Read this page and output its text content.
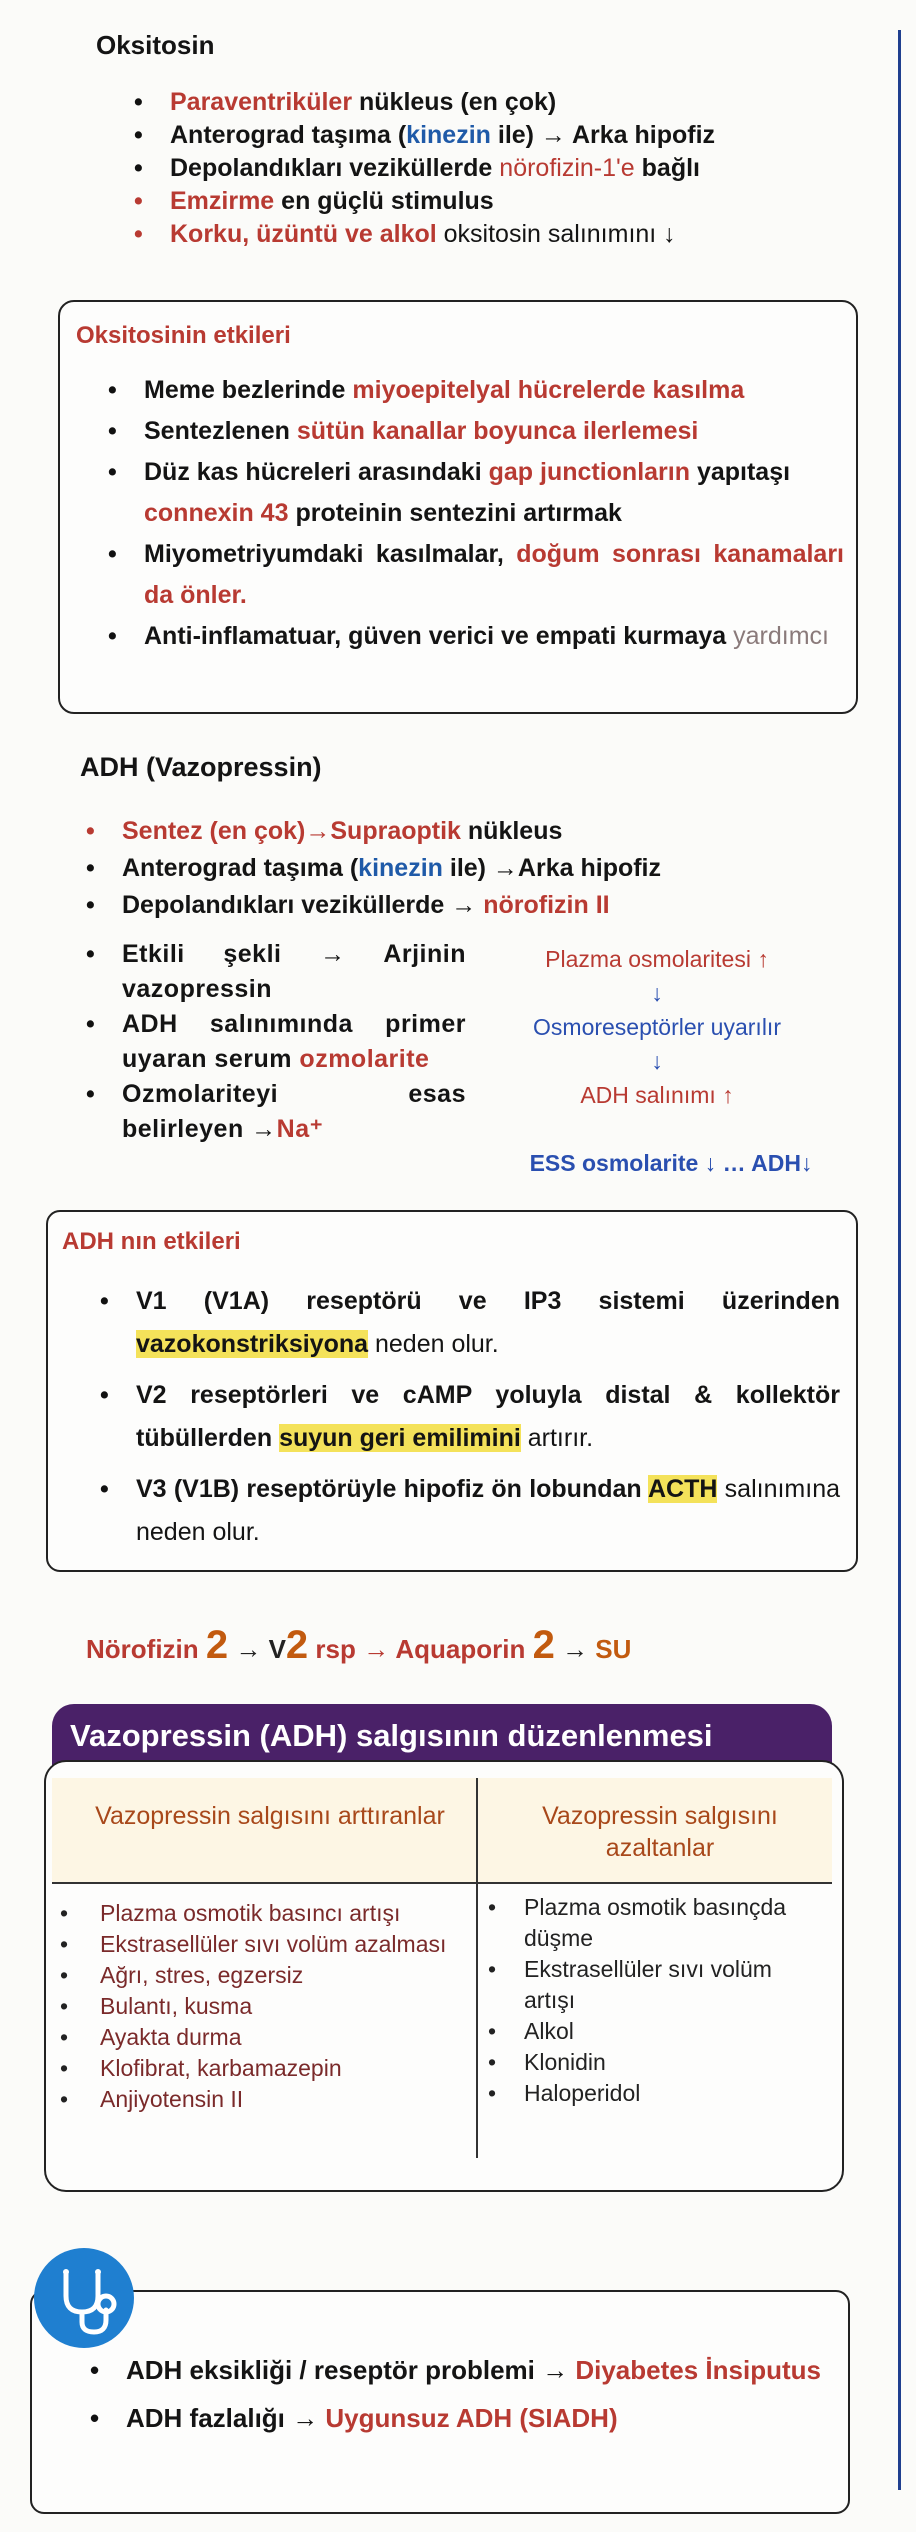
Oksitosin
• Paraventriküler nükleus (en çok)
• Anterograd taşıma (kinezin ile) → Arka hipofiz
• Depolandıkları veziküllerde nörofizin-1'e bağlı
• Emzirme en güçlü stimulus
• Korku, üzüntü ve alkol oksitosin salınımını ↓
Oksitosinin etkileri
• Meme bezlerinde miyoepitelyal hücrelerde kasılma
• Sentezlenen sütün kanallar boyunca ilerlemesi
• Düz kas hücreleri arasındaki gap junctionların yapıtaşı
connexin 43 proteinin sentezini artırmak
• Miyometriyumdaki kasılmalar, doğum sonrası kanamaları da önler.
• Anti-inflamatuar, güven verici ve empati kurmaya yardımcı
ADH (Vazopressin)
• Sentez (en çok)→Supraoptik nükleus
• Anterograd taşıma (kinezin ile) →Arka hipofiz
• Depolandıkları veziküllerde → nörofizin II
• Etkili şekli → Arjinin vazopressin
• ADH salınımında primer uyaran serum ozmolarite
• Ozmolariteyi esas belirleyen →Na⁺
Plazma osmolaritesi ↑
↓
Osmoreseptörler uyarılır
↓
ADH salınımı ↑
ESS osmolarite ↓ … ADH↓
ADH nın etkileri
• V1 (V1A) reseptörü ve IP3 sistemi üzerinden vazokonstriksiyona neden olur.
• V2 reseptörleri ve cAMP yoluyla distal & kollektör tübüllerden suyun geri emilimini artırır.
• V3 (V1B) reseptörüyle hipofiz ön lobundan ACTH salınımına neden olur.
Nörofizin 2 → V2 rsp → Aquaporin 2 → SU
Vazopressin (ADH) salgısının düzenlenmesi
Vazopressin salgısını arttıranlar	Vazopressin salgısını azaltanlar
• Plazma osmotik basıncı artışı
• Ekstrasellüler sıvı volüm azalması
• Ağrı, stres, egzersiz
• Bulantı, kusma
• Ayakta durma
• Klofibrat, karbamazepin
• Anjiyotensin II
• Plazma osmotik basınçda düşme
• Ekstrasellüler sıvı volüm artışı
• Alkol
• Klonidin
• Haloperidol
• ADH eksikliği / reseptör problemi → Diyabetes İnsiputus
• ADH fazlalığı → Uygunsuz ADH (SIADH)
